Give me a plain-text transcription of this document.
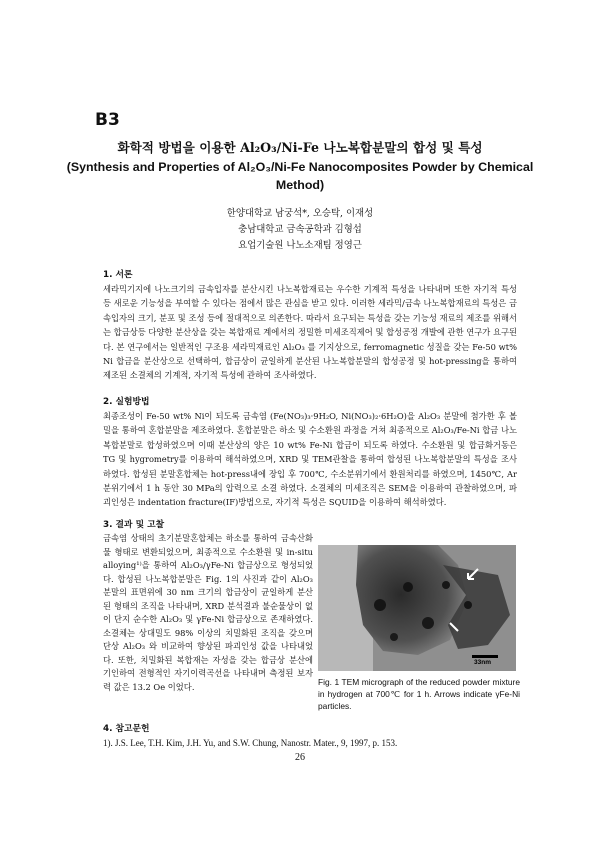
B3
화학적 방법을 이용한 Al₂O₃/Ni-Fe 나노복합분말의 합성 및 특성
(Synthesis and Properties of Al₂O₃/Ni-Fe Nanocomposites Powder by Chemical Method)
한양대학교 남궁석*, 오승탁, 이재성
충남대학교 금속공학과 김형섭
요업기술원 나노소재팀 정영근
1. 서론

세라믹기지에 나노크기의 금속입자를 분산시킨 나노복합재료는 우수한 기계적 특성을 나타내며 또한 자기적 특성 등 새로운 기능성을 부여할 수 있다는 점에서 많은 관심을 받고 있다. 이러한 세라믹/금속 나노복합재료의 특성은 금속입자의 크기, 분포 및 조성 등에 절대적으로 의존한다. 따라서 요구되는 특성을 갖는 기능성 재료의 제조를 위해서는 합금상등 다양한 분산상을 갖는 복합재료 계에서의 정밀한 미세조직제어 및 합성공정 개발에 관한 연구가 요구된다. 본 연구에서는 일반적인 구조용 세라믹재료인 Al₂O₃ 를 기지상으로, ferromagnetic 성질을 갖는 Fe-50 wt% Ni 합금을 분산상으로 선택하여, 합금상이 균일하게 분산된 나노복합분말의 합성공정 및 hot-pressing을 통하여 제조된 소결체의 기계적, 자기적 특성에 관하여 조사하였다.

2. 실험방법

최종조성이 Fe-50 wt% Ni이 되도록 금속염 (Fe(NO₃)₃·9H₂O, Ni(NO₃)₂·6H₂O)을 Al₂O₃ 분말에 첨가한 후 볼밀을 통하여 혼합분말을 제조하였다. 혼합분말은 하소 및 수소환원 과정을 거쳐 최종적으로 Al₂O₃/Fe-Ni 합금 나노복합분말로 합성하였으며 이때 분산상의 양은 10 wt% Fe-Ni 합금이 되도록 하였다. 수소환원 및 합금화거동은 TG 및 hygrometry를 이용하여 해석하였으며, XRD 및 TEM관찰을 통하여 합성된 나노복합분말의 특성을 조사하였다. 합성된 분말혼합체는 hot-press내에 장입 후 700℃, 수소분위기에서 환원처리를 하였으며, 1450℃, Ar 분위기에서 1 h 동안 30 MPa의 압력으로 소결 하였다. 소결체의 미세조직은 SEM을 이용하여 관찰하였으며, 파괴인성은 indentation fracture(IF)방법으로, 자기적 특성은 SQUID을 이용하여 해석하였다.

3. 결과 및 고찰
금속염 상태의 초기분말혼합체는 하소를 통하여 금속산화물 형태로 변환되었으며, 최종적으로 수소환원 및 in-situ alloying¹⁾을 통하여 Al₂O₃/γFe-Ni 합금상으로 형성되었다. 합성된 나노복합분말은 Fig. 1의 사진과 같이 Al₂O₃ 분말의 표면위에 30 nm 크기의 합금상이 균일하게 분산된 형태의 조직을 나타내며, XRD 분석결과 불순물상이 없이 단지 순수한 Al₂O₃ 및 γFe-Ni 합금상으로 존재하였다. 소결체는 상대밀도 98% 이상의 치밀화된 조직을 갖으며 단상 Al₂O₃ 와 비교하여 향상된 파괴인성 값을 나타내었다. 또한, 치밀화된 복합재는 자성을 갖는 합금상 분산에 기인하여 전형적인 자기이력곡선을 나타내며 측정된 보자력 값은 13.2 Oe 이었다.
33nm
Fig. 1 TEM micrograph of the reduced powder mixture in hydrogen at 700℃ for 1 h. Arrows indicate γFe-Ni particles.
4. 참고문헌
1). J.S. Lee, T.H. Kim, J.H. Yu, and S.W. Chung, Nanostr. Mater., 9, 1997, p. 153.
26
